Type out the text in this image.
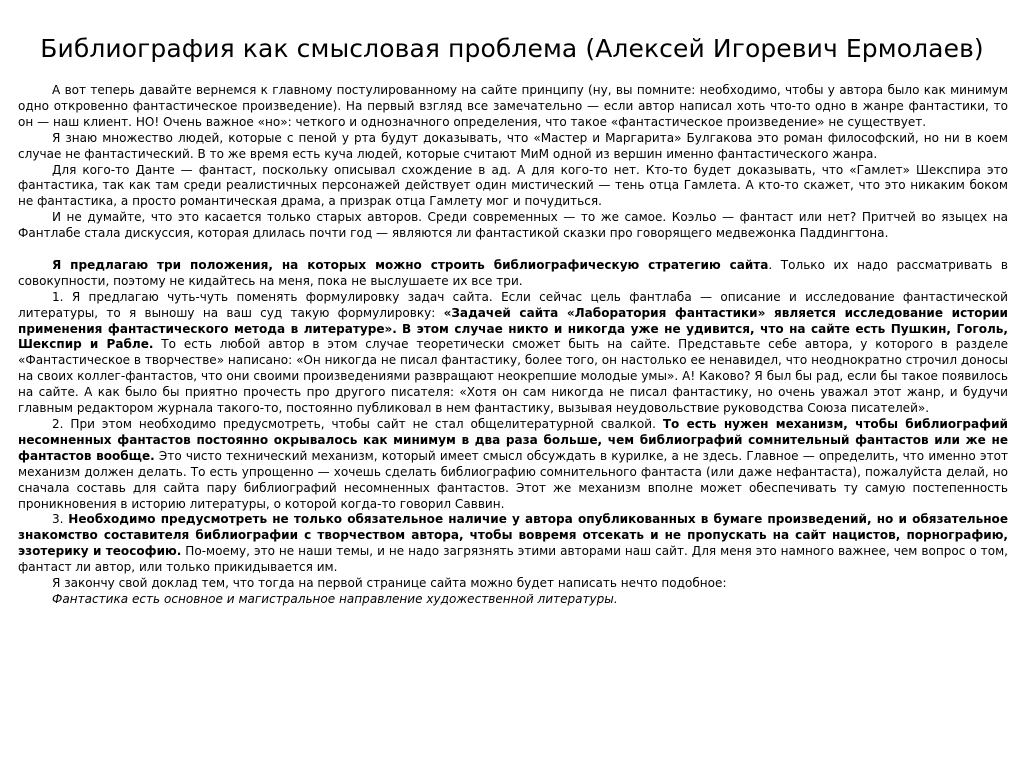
Библиография как смысловая проблема (Алексей Игоревич Ермолаев)

А вот теперь давайте вернемся к главному постулированному на сайте принципу (ну, вы помните: необходимо, чтобы у автора было как минимум одно откровенно фантастическое произведение). На первый взгляд все замечательно — если автор написал хоть что-то одно в жанре фантастики, то он — наш клиент. НО! Очень важное «но»: четкого и однозначного определения, что такое «фантастическое произведение» не существует.

Я знаю множество людей, которые с пеной у рта будут доказывать, что «Мастер и Маргарита» Булгакова это роман философский, но ни в коем случае не фантастический. В то же время есть куча людей, которые считают МиМ одной из вершин именно фантастического жанра.

Для кого-то Данте — фантаст, поскольку описывал схождение в ад. А для кого-то нет. Кто-то будет доказывать, что «Гамлет» Шекспира это фантастика, так как там среди реалистичных персонажей действует один мистический — тень отца Гамлета. А кто-то скажет, что это никаким боком не фантастика, а просто романтическая драма, а призрак отца Гамлету мог и почудиться.

И не думайте, что это касается только старых авторов. Среди современных — то же самое. Коэльо — фантаст или нет? Притчей во языцех на Фантлабе стала дискуссия, которая длилась почти год — являются ли фантастикой сказки про говорящего медвежонка Паддингтона.

Я предлагаю три положения, на которых можно строить библиографическую стратегию сайта. Только их надо рассматривать в совокупности, поэтому не кидайтесь на меня, пока не выслушаете их все три.

1. Я предлагаю чуть-чуть поменять формулировку задач сайта. Если сейчас цель фантлаба — описание и исследование фантастической литературы, то я выношу на ваш суд такую формулировку: «Задачей сайта «Лаборатория фантастики» является исследование истории применения фантастического метода в литературе». В этом случае никто и никогда уже не удивится, что на сайте есть Пушкин, Гоголь, Шекспир и Рабле. То есть любой автор в этом случае теоретически сможет быть на сайте. Представьте себе автора, у которого в разделе «Фантастическое в творчестве» написано: «Он никогда не писал фантастику, более того, он настолько ее ненавидел, что неоднократно строчил доносы на своих коллег-фантастов, что они своими произведениями развращают неокрепшие молодые умы». А! Каково? Я был бы рад, если бы такое появилось на сайте. А как было бы приятно прочесть про другого писателя: «Хотя он сам никогда не писал фантастику, но очень уважал этот жанр, и будучи главным редактором журнала такого-то, постоянно публиковал в нем фантастику, вызывая неудовольствие руководства Союза писателей».

2. При этом необходимо предусмотреть, чтобы сайт не стал общелитературной свалкой. То есть нужен механизм, чтобы библиографий несомненных фантастов постоянно окрывалось как минимум в два раза больше, чем библиографий сомнительный фантастов или же не фантастов вообще. Это чисто технический механизм, который имеет смысл обсуждать в курилке, а не здесь. Главное — определить, что именно этот механизм должен делать. То есть упрощенно — хочешь сделать библиографию сомнительного фантаста (или даже нефантаста), пожалуйста делай, но сначала составь для сайта пару библиографий несомненных фантастов. Этот же механизм вполне может обеспечивать ту самую постепенность проникновения в историю литературы, о которой когда-то говорил Саввин.

3. Необходимо предусмотреть не только обязательное наличие у автора опубликованных в бумаге произведений, но и обязательное знакомство составителя библиографии с творчеством автора, чтобы вовремя отсекать и не пропускать на сайт нацистов, порнографию, эзотерику и теософию. По-моему, это не наши темы, и не надо загрязнять этими авторами наш сайт. Для меня это намного важнее, чем вопрос о том, фантаст ли автор, или только прикидывается им.

Я закончу свой доклад тем, что тогда на первой странице сайта можно будет написать нечто подобное:

Фантастика есть основное и магистральное направление художественной литературы.
